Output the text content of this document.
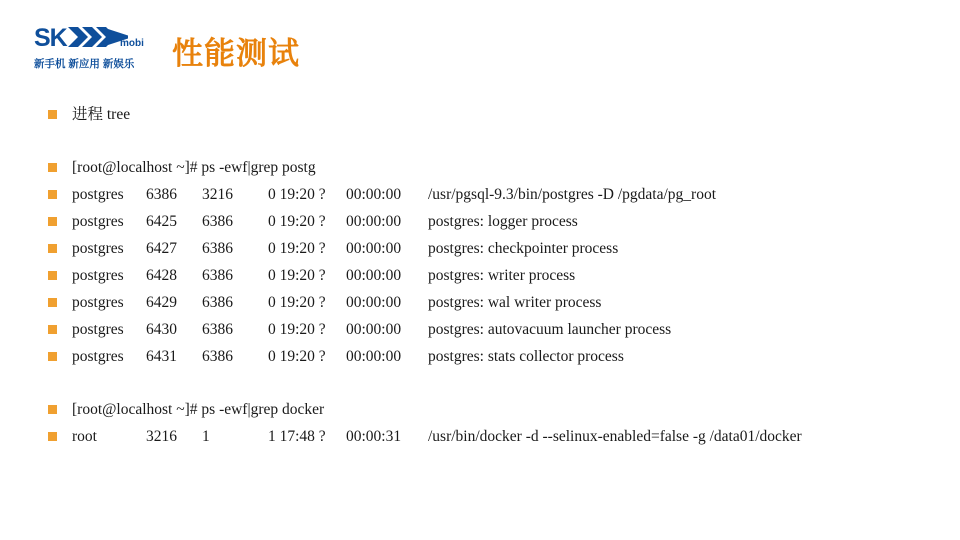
SK	mobi
新手机 新应用 新娱乐 性能测试
进程 tree
[root@localhost ~]# ps -ewf|grep postg
postgres 6386 3216 0 19:20 ? 00:00:00 /usr/pgsql-9.3/bin/postgres -D /pgdata/pg_root
postgres 6425 6386 0 19:20 ? 00:00:00 postgres: logger process
postgres 6427 6386 0 19:20 ? 00:00:00 postgres: checkpointer process
postgres 6428 6386 0 19:20 ? 00:00:00 postgres: writer process
postgres 6429 6386 0 19:20 ? 00:00:00 postgres: wal writer process
postgres 6430 6386 0 19:20 ? 00:00:00 postgres: autovacuum launcher process
postgres 6431 6386 0 19:20 ? 00:00:00 postgres: stats collector process
[root@localhost ~]# ps -ewf|grep docker
root	3216 1	1 17:48 ? 00:00:31 /usr/bin/docker -d --selinux-enabled=false -g /data01/docker
